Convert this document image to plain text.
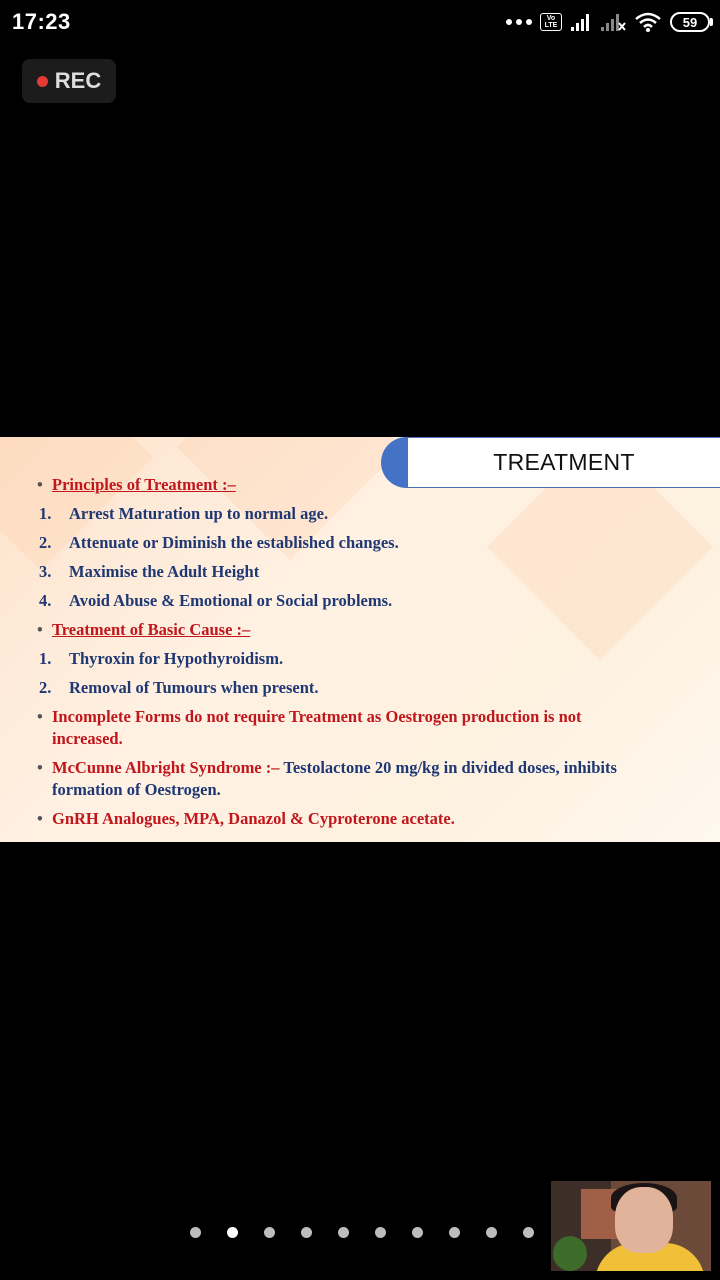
17:23	Vo
LTE	59
REC
TREATMENT
• Principles of Treatment :–
1. Arrest Maturation up to normal age.
2. Attenuate or Diminish the established changes.
3. Maximise the Adult Height
4. Avoid Abuse & Emotional or Social problems.
• Treatment of Basic Cause :–
1. Thyroxin for Hypothyroidism.
2. Removal of Tumours when present.
• Incomplete Forms do not require Treatment as Oestrogen production is not
increased.
• McCunne Albright Syndrome :– Testolactone 20 mg/kg in divided doses, inhibits
formation of Oestrogen.
• GnRH Analogues, MPA, Danazol & Cyproterone acetate.
